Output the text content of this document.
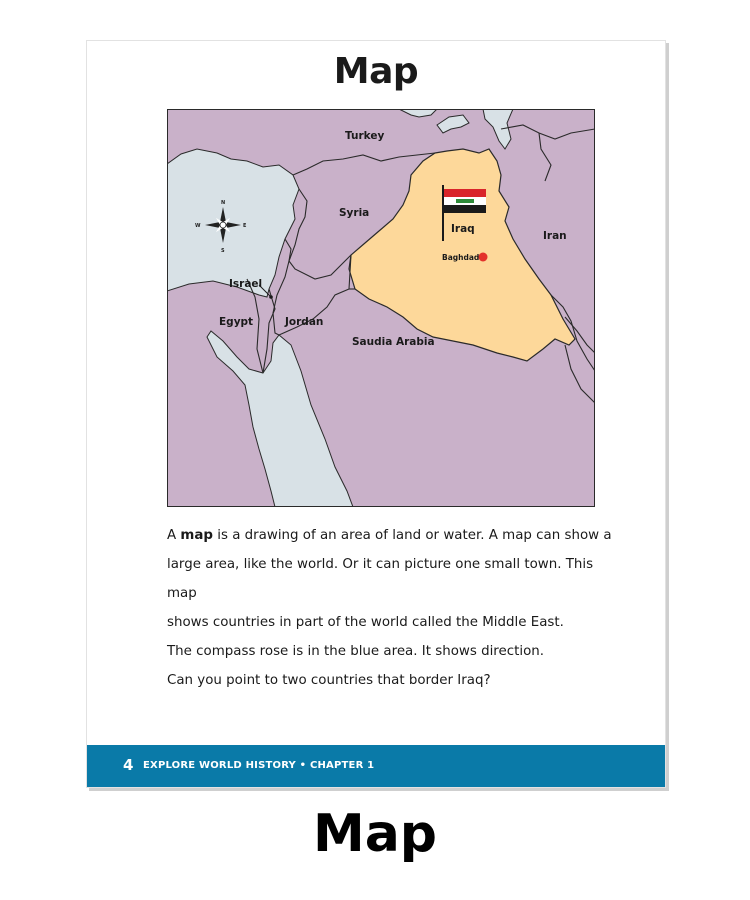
Map
N
S
E
W
Turkey
Syria
Iraq
Iran
Israel
Egypt	Jordan
Saudia Arabia
Baghdad

A map is a drawing of an area of land or water. A map can show a

large area, like the world. Or it can picture one small town. This map

shows countries in part of the world called the Middle East.

The compass rose is in the blue area. It shows direction.

Can you point to two countries that border Iraq?

4 EXPLORE WORLD HISTORY • CHAPTER 1
Map
